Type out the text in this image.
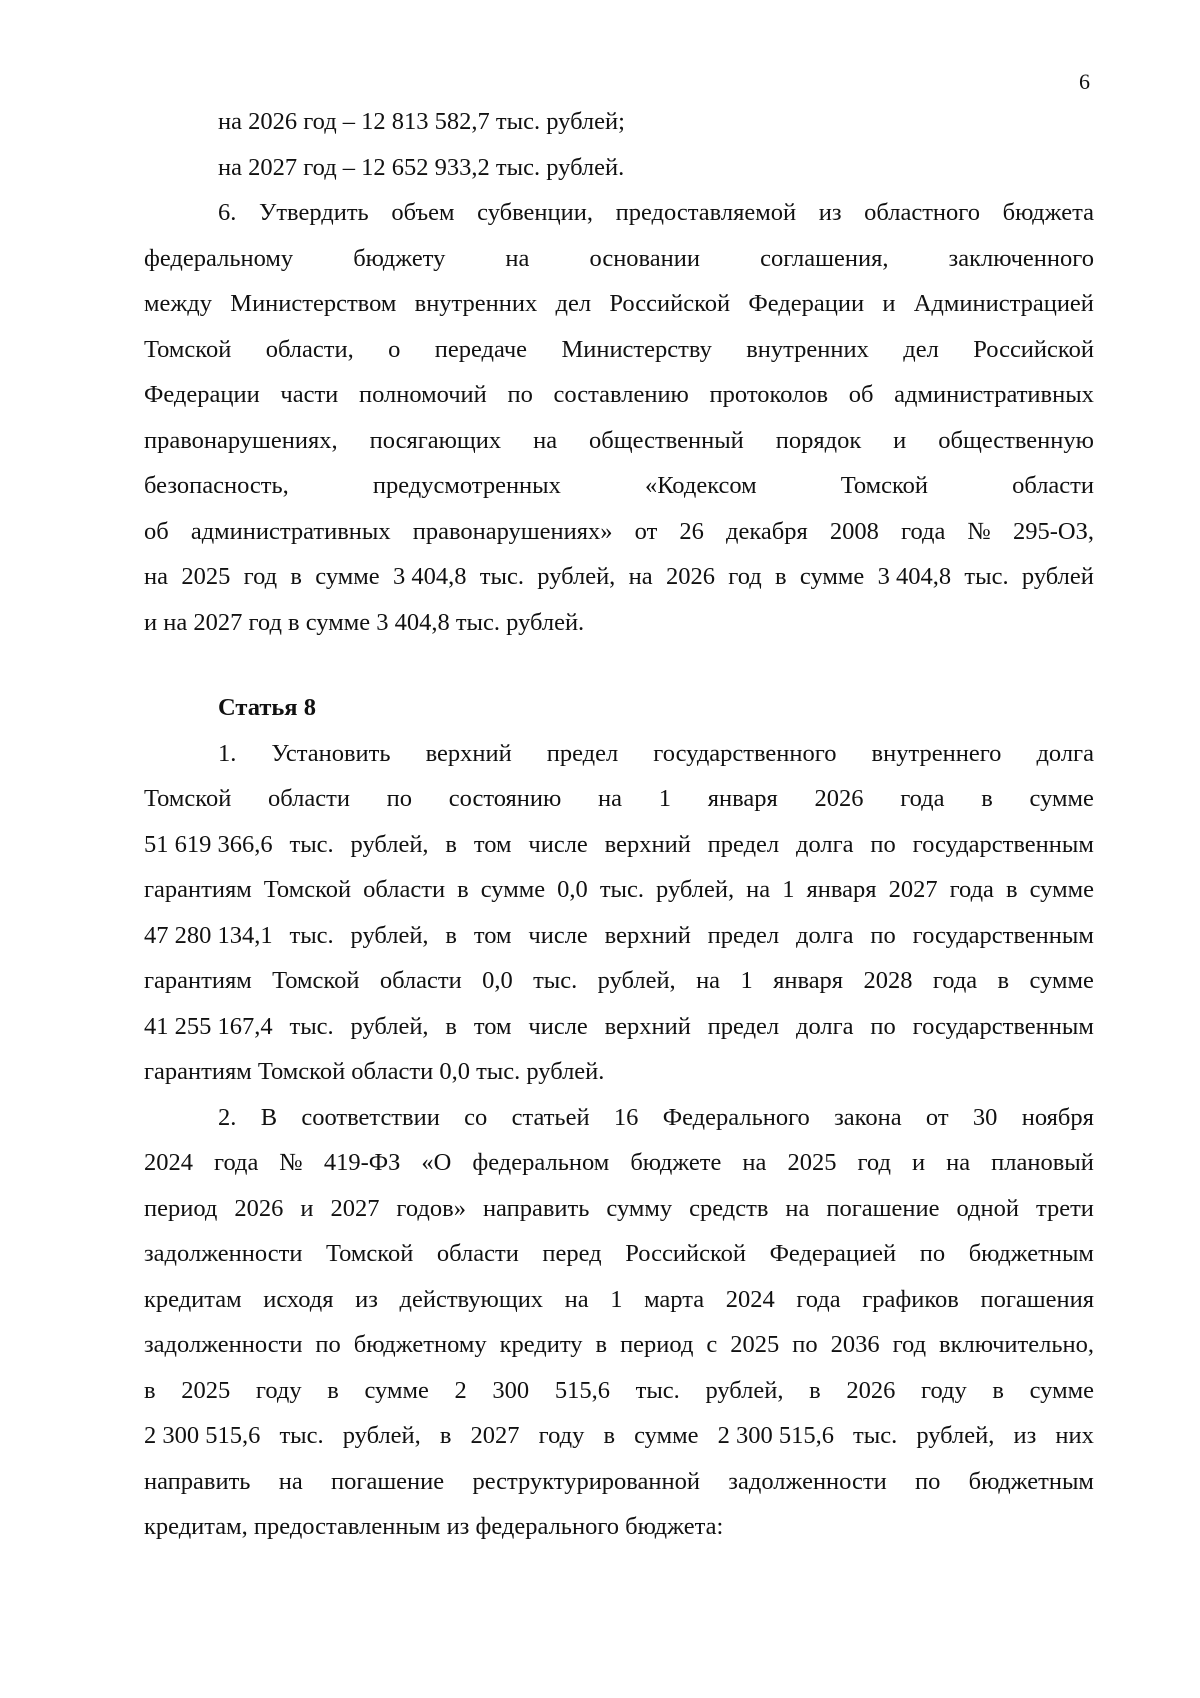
6
на 2026 год – 12 813 582,7 тыс. рублей;
на 2027 год – 12 652 933,2 тыс. рублей.
6. Утвердить объем субвенции, предоставляемой из областного бюджета
федеральному бюджету на основании соглашения, заключенного
между Министерством внутренних дел Российской Федерации и Администрацией
Томской области, о передаче Министерству внутренних дел Российской
Федерации части полномочий по составлению протоколов об административных
правонарушениях, посягающих на общественный порядок и общественную
безопасность,	предусмотренных	«Кодексом	Томской	области
об административных правонарушениях» от 26 декабря 2008 года № 295-ОЗ,
на 2025 год в сумме 3 404,8 тыс. рублей, на 2026 год в сумме 3 404,8 тыс. рублей
и на 2027 год в сумме 3 404,8 тыс. рублей.
Статья 8
1. Установить верхний предел государственного внутреннего долга
Томской области по состоянию на 1 января 2026 года в сумме
51 619 366,6 тыс. рублей, в том числе верхний предел долга по государственным
гарантиям Томской области в сумме 0,0 тыс. рублей, на 1 января 2027 года в сумме
47 280 134,1 тыс. рублей, в том числе верхний предел долга по государственным
гарантиям Томской области 0,0 тыс. рублей, на 1 января 2028 года в сумме
41 255 167,4 тыс. рублей, в том числе верхний предел долга по государственным
гарантиям Томской области 0,0 тыс. рублей.
2. В соответствии со статьей 16 Федерального закона от 30 ноября
2024 года № 419-ФЗ «О федеральном бюджете на 2025 год и на плановый
период 2026 и 2027 годов» направить сумму средств на погашение одной трети
задолженности Томской области перед Российской Федерацией по бюджетным
кредитам исходя из действующих на 1 марта 2024 года графиков погашения
задолженности по бюджетному кредиту в период с 2025 по 2036 год включительно,
в 2025 году в сумме 2 300 515,6 тыс. рублей, в 2026 году в сумме
2 300 515,6 тыс. рублей, в 2027 году в сумме 2 300 515,6 тыс. рублей, из них
направить на погашение реструктурированной задолженности по бюджетным
кредитам, предоставленным из федерального бюджета:
